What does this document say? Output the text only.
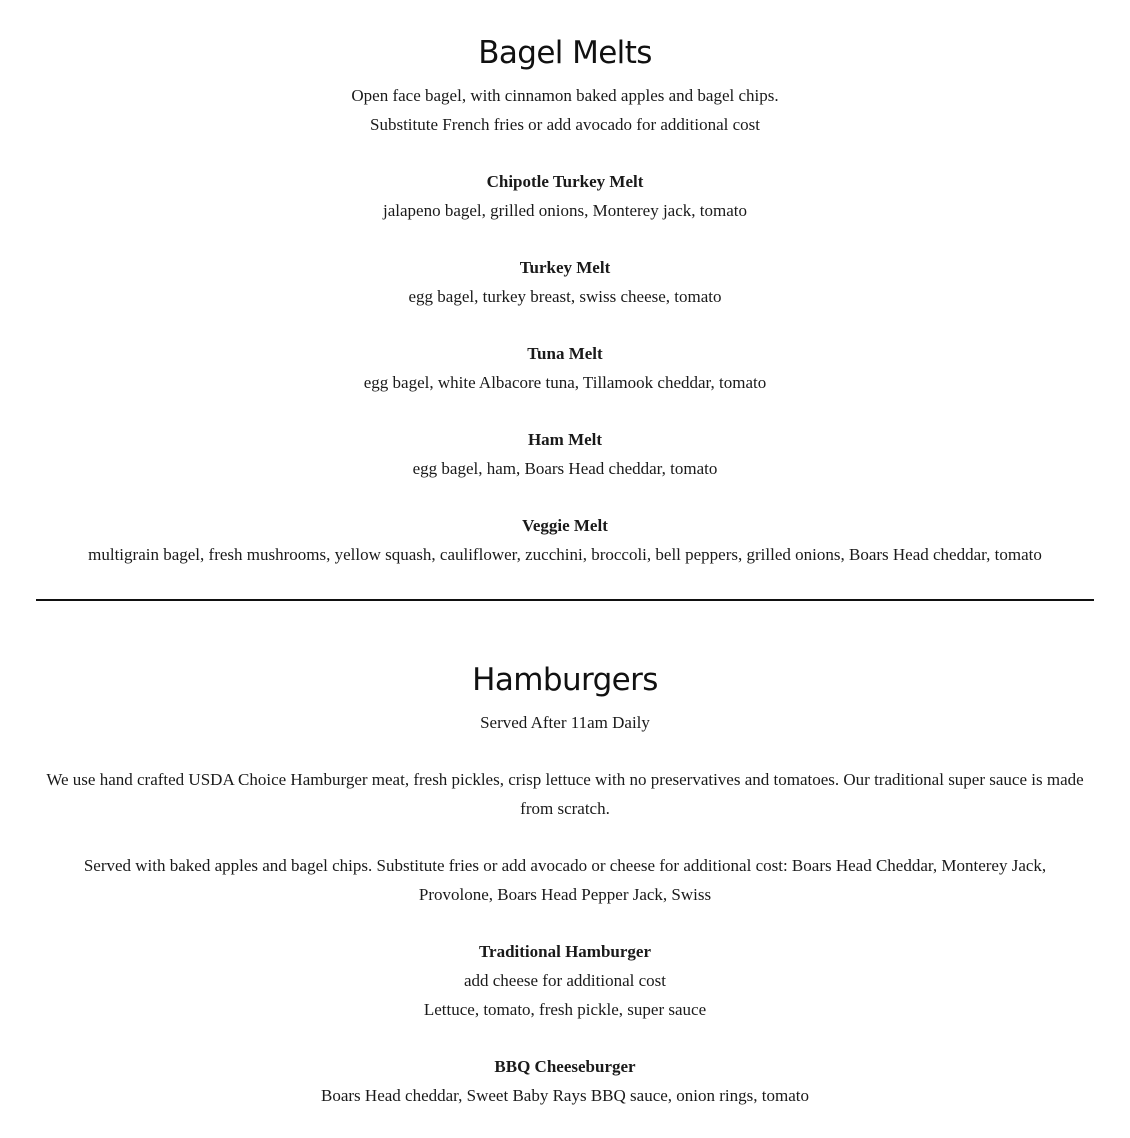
Bagel Melts

Open face bagel, with cinnamon baked apples and bagel chips.

Substitute French fries or add avocado for additional cost

Chipotle Turkey Melt

jalapeno bagel, grilled onions, Monterey jack, tomato

Turkey Melt

egg bagel, turkey breast, swiss cheese, tomato

Tuna Melt

egg bagel, white Albacore tuna, Tillamook cheddar, tomato

Ham Melt

egg bagel, ham, Boars Head cheddar, tomato

Veggie Melt

multigrain bagel, fresh mushrooms, yellow squash, cauliflower, zucchini, broccoli, bell peppers, grilled onions, Boars Head cheddar, tomato

Hamburgers

Served After 11am Daily

We use hand crafted USDA Choice Hamburger meat, fresh pickles, crisp lettuce with no preservatives and tomatoes. Our traditional super sauce is made from scratch.

Served with baked apples and bagel chips. Substitute fries or add avocado or cheese for additional cost: Boars Head Cheddar, Monterey Jack, Provolone, Boars Head Pepper Jack, Swiss

Traditional Hamburger

add cheese for additional cost

Lettuce, tomato, fresh pickle, super sauce

BBQ Cheeseburger

Boars Head cheddar, Sweet Baby Rays BBQ sauce, onion rings, tomato
